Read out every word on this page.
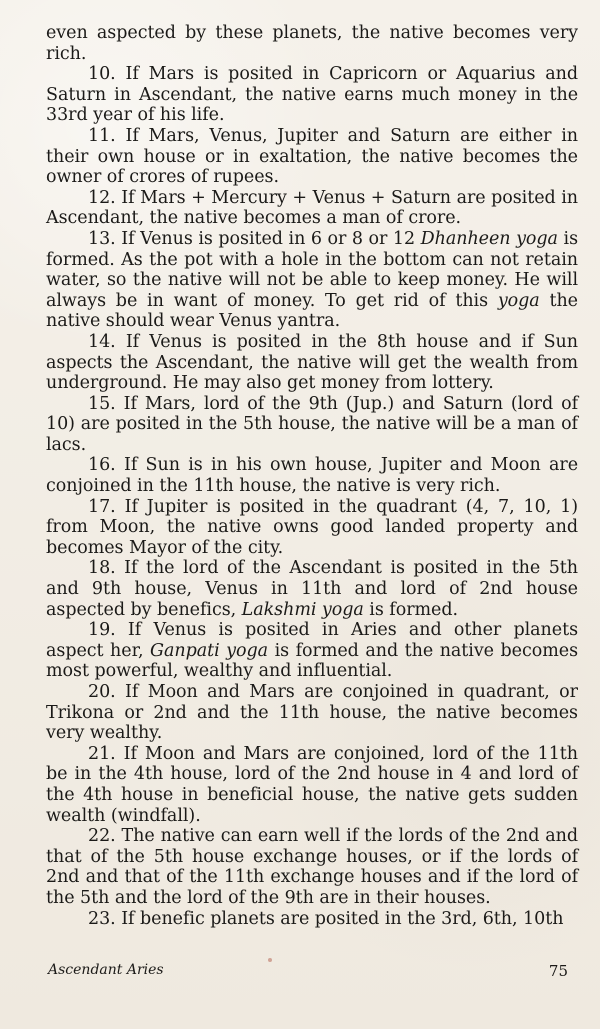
even aspected by these planets, the native becomes very rich.

10. If Mars is posited in Capricorn or Aquarius and Saturn in Ascendant, the native earns much money in the 33rd year of his life.

11. If Mars, Venus, Jupiter and Saturn are either in their own house or in exaltation, the native becomes the owner of crores of rupees.

12. If Mars + Mercury + Venus + Saturn are posited in Ascendant, the native becomes a man of crore.

13. If Venus is posited in 6 or 8 or 12 Dhanheen yoga is formed. As the pot with a hole in the bottom can not retain water, so the native will not be able to keep money. He will always be in want of money. To get rid of this yoga the native should wear Venus yantra.

14. If Venus is posited in the 8th house and if Sun aspects the Ascendant, the native will get the wealth from underground. He may also get money from lottery.

15. If Mars, lord of the 9th (Jup.) and Saturn (lord of 10) are posited in the 5th house, the native will be a man of lacs.

16. If Sun is in his own house, Jupiter and Moon are conjoined in the 11th house, the native is very rich.

17. If Jupiter is posited in the quadrant (4, 7, 10, 1) from Moon, the native owns good landed property and becomes Mayor of the city.

18. If the lord of the Ascendant is posited in the 5th and 9th house, Venus in 11th and lord of 2nd house aspected by benefics, Lakshmi yoga is formed.

19. If Venus is posited in Aries and other planets aspect her, Ganpati yoga is formed and the native becomes most powerful, wealthy and influential.

20. If Moon and Mars are conjoined in quadrant, or Trikona or 2nd and the 11th house, the native becomes very wealthy.

21. If Moon and Mars are conjoined, lord of the 11th be in the 4th house, lord of the 2nd house in 4 and lord of the 4th house in beneficial house, the native gets sudden wealth (windfall).

22. The native can earn well if the lords of the 2nd and that of the 5th house exchange houses, or if the lords of 2nd and that of the 11th exchange houses and if the lord of the 5th and the lord of the 9th are in their houses.

23. If benefic planets are posited in the 3rd, 6th, 10th

Ascendant Aries	75
